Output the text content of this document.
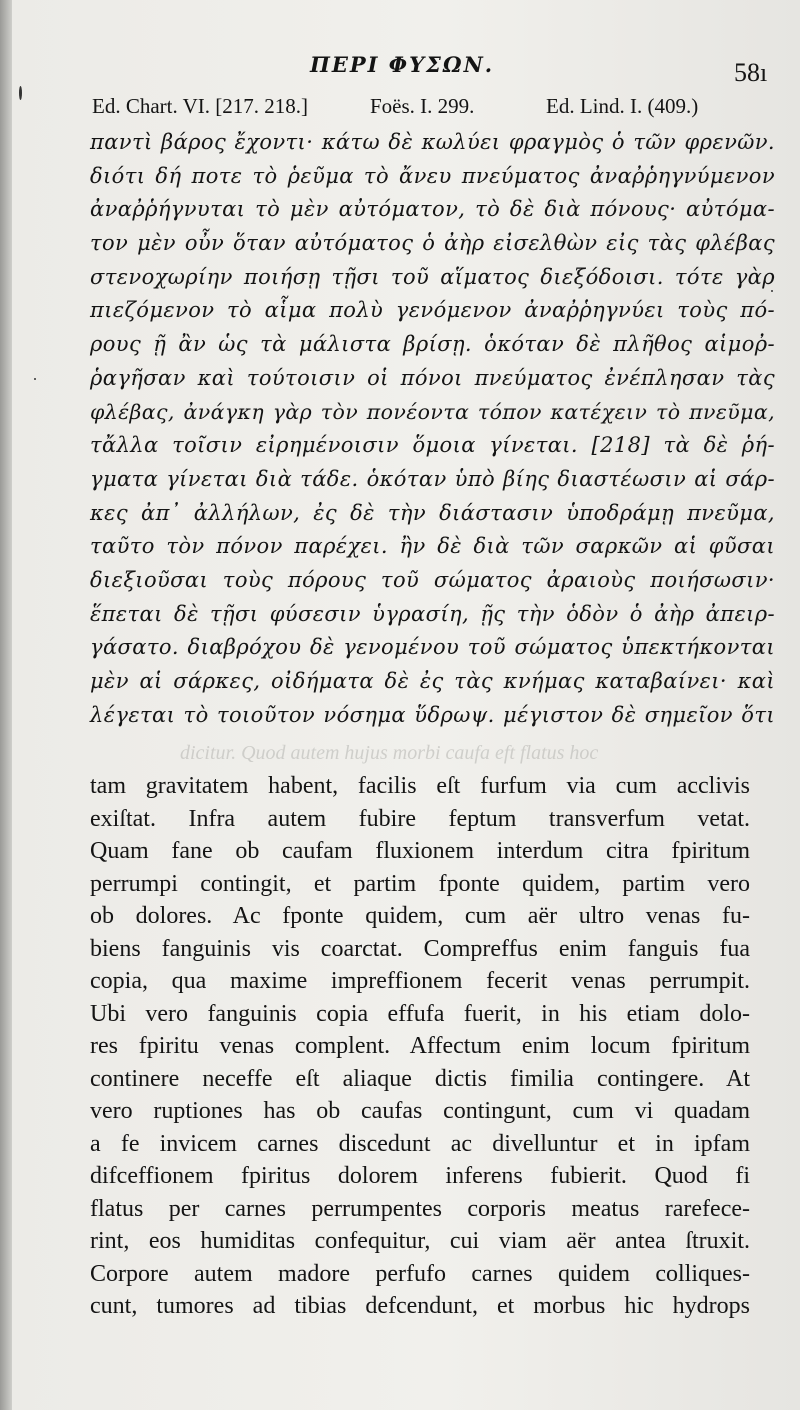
ΠΕΡΙ ΦΥΣΩΝ.	58ı
Ed. Chart. VI. [217. 218.]	Foës. I. 299.	Ed. Lind. I. (409.)
παντὶ βάρος ἔχοντι· κάτω δὲ κωλύει φραγμὸς ὁ τῶν φρενῶν.
διότι δή ποτε τὸ ῥεῦμα τὸ ἄνευ πνεύματος ἀναῤῥηγνύμενον
ἀναῤῥήγνυται τὸ μὲν αὐτόματον, τὸ δὲ διὰ πόνους· αὐτόμα-
τον μὲν οὖν ὅταν αὐτόματος ὁ ἀὴρ εἰσελθὼν εἰς τὰς φλέβας
στενοχωρίην ποιήσῃ τῇσι τοῦ αἵματος διεξόδοισι. τότε γὰρ
πιεζόμενον τὸ αἷμα πολὺ γενόμενον ἀναῤῥηγνύει τοὺς πό-
ρους ῇ ἂν ὡς τὰ μάλιστα βρίσῃ. ὁκόταν δὲ πλῆθος αἱμοῤ-
ῥαγῆσαν καὶ τούτοισιν οἱ πόνοι πνεύματος ἐνέπλησαν τὰς
φλέβας, ἀνάγκη γὰρ τὸν πονέοντα τόπον κατέχειν τὸ πνεῦμα,
τἄλλα τοῖσιν εἰρημένοισιν ὅμοια γίνεται. [218] τὰ δὲ ῥή-
γματα γίνεται διὰ τάδε. ὁκόταν ὑπὸ βίης διαστέωσιν αἱ σάρ-
κες ἀπ᾽ ἀλλήλων, ἐς δὲ τὴν διάστασιν ὑποδράμῃ πνεῦμα,
ταῦτο τὸν πόνον παρέχει. ἢν δὲ διὰ τῶν σαρκῶν αἱ φῦσαι
διεξιοῦσαι τοὺς πόρους τοῦ σώματος ἀραιοὺς ποιήσωσιν·
ἕπεται δὲ τῇσι φύσεσιν ὑγρασίη, ῇς τὴν ὁδὸν ὁ ἀὴρ ἀπειρ-
γάσατο. διαβρόχου δὲ γενομένου τοῦ σώματος ὑπεκτήκονται
μὲν αἱ σάρκες, οἰδήματα δὲ ἐς τὰς κνήμας καταβαίνει· καὶ
λέγεται τὸ τοιοῦτον νόσημα ὕδρωψ. μέγιστον δὲ σημεῖον ὅτι
dicitur. Quod autem hujus morbi caufa eft flatus hoc
tam gravitatem habent, facilis eſt furfum via cum acclivis
exiſtat. Infra autem fubire feptum transverfum vetat.
Quam fane ob caufam fluxionem interdum citra fpiritum
perrumpi contingit, et partim fponte quidem, partim vero
ob dolores. Ac fponte quidem, cum aër ultro venas fu-
biens fanguinis vis coarctat. Compreffus enim fanguis fua
copia, qua maxime impreffionem fecerit venas perrumpit.
Ubi vero fanguinis copia effufa fuerit, in his etiam dolo-
res fpiritu venas complent. Affectum enim locum fpiritum
continere neceffe eſt aliaque dictis fimilia contingere. At
vero ruptiones has ob caufas contingunt, cum vi quadam
a fe invicem carnes discedunt ac divelluntur et in ipfam
difceffionem fpiritus dolorem inferens fubierit. Quod fi
flatus per carnes perrumpentes corporis meatus rarefece-
rint, eos humiditas confequitur, cui viam aër antea ſtruxit.
Corpore autem madore perfufo carnes quidem colliques-
cunt, tumores ad tibias defcendunt, et morbus hic hydrops
